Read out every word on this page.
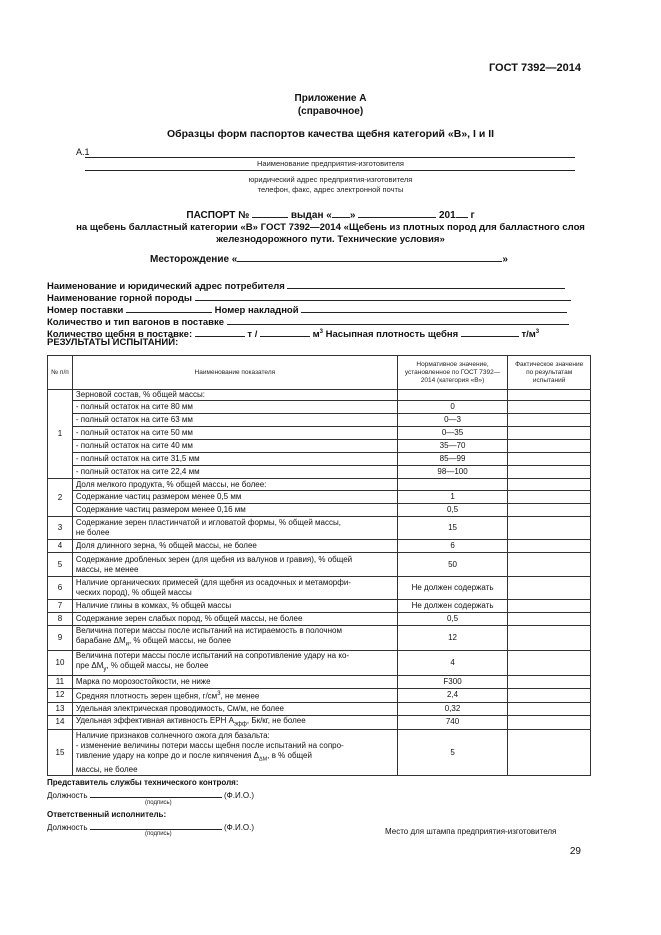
ГОСТ 7392—2014
Приложение А
(справочное)
Образцы форм паспортов качества щебня категорий «В», I и II
А.1
Наименование предприятия-изготовителя
юридический адрес предприятия-изготовителя
телефон, факс, адрес электронной почты
ПАСПОРТ №	выдан « »	201 г
на щебень балластный категории «В» ГОСТ 7392—2014 «Щебень из плотных пород для балластного слоя
железнодорожного пути. Технические условия»
Месторождение «	»
Наименование и юридический адрес потребителя
Наименование горной породы
Номер поставки	Номер накладной
Количество и тип вагонов в поставке
Количество щебня в поставке:	т /	$м^3$ Насыпная плотность щебня	$т/м^3$
РЕЗУЛЬТАТЫ ИСПЫТАНИЙ:
№ п/п	Наименование показателя	Нормативное значение, установленное по ГОСТ 7392—2014 (категория «В»)	Фактическое значение по результатам испытаний
1	Зерновой состав, % общей массы:		
	- полный остаток на сите 80 мм	0	
	- полный остаток на сите 63 мм	0—3	
	- полный остаток на сите 50 мм	0—35	
	- полный остаток на сите 40 мм	35—70	
	- полный остаток на сите 31,5 мм	85—99	
	- полный остаток на сите 22,4 мм	98—100	
2	Доля мелкого продукта, % общей массы, не более:		
	Содержание частиц размером менее 0,5 мм	1	
	Содержание частиц размером менее 0,16 мм	0,5	
3	Содержание зерен пластинчатой и игловатой формы, % общей массы,
не более	15	
4	Доля длинного зерна, % общей массы, не более	6	
5	Содержание дробленых зерен (для щебня из валунов и гравия), % общей
массы, не менее	50	
6	Наличие органических примесей (для щебня из осадочных и метаморфи-
ческих пород), % общей массы	Не должен содержать	
7	Наличие глины в комках, % общей массы	Не должен содержать	
8	Содержание зерен слабых пород, % общей массы, не более	0,5	
9	Величина потери массы после испытаний на истираемость в полочном
барабане $\Delta M_и$, % общей массы, не более	12	
10	Величина потери массы после испытаний на сопротивление удару на ко-
пре $\Delta M_у$, % общей массы, не более	4	
11	Марка по морозостойкости, не ниже	F300	
12	Средняя плотность зерен щебня, $г/см^3$, не менее	2,4	
13	Удельная электрическая проводимость, См/м, не более	0,32	
14	Удельная эффективная активность ЕРН $A_{эфф}$, Бк/кг, не более	740	
15	Наличие признаков солнечного ожога для базальта:
- изменение величины потери массы щебня после испытаний на сопро-
тивление удару на копре до и после кипячения $\Delta_{\Delta M}$, в % общей
массы, не более	5	
Представитель службы технического контроля:
Должность	(Ф.И.О.)
(подпись)
Ответственный исполнитель:
Должность	(Ф.И.О.)
(подпись)	Место для штампа предприятия-изготовителя
29
